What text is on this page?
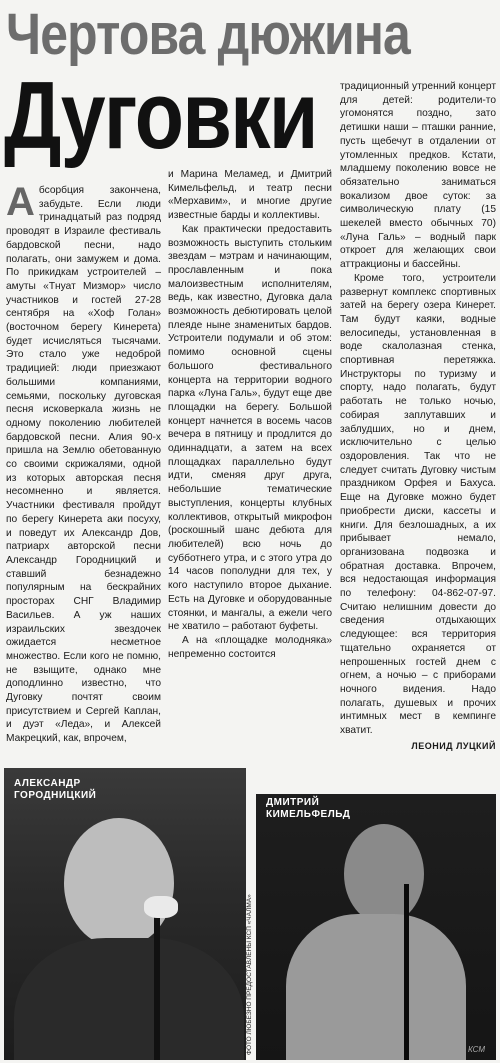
Чертова дюжина
Дуговки

Абсорбция закончена, забудьте. Если люди тринадцатый раз подряд проводят в Израиле фестиваль бардовской песни, надо полагать, они замужем и дома. По прикидкам устроителей – амуты «Тнуат Мизмор» число участников и гостей 27-28 сентября на «Хоф Голан» (восточном берегу Кинерета) будет исчисляться тысячами. Это стало уже недоброй традицией: люди приезжают большими компаниями, семьями, поскольку дуговская песня исковеркала жизнь не одному поколению любителей бардовской песни. Алия 90-х пришла на Землю обетованную со своими скрижалями, одной из которых авторская песня несомненно и является. Участники фестиваля пройдут по берегу Кинерета аки посуху, и поведут их Александр Дов, патриарх авторской песни Александр Городницкий и ставший безнадежно популярным на бескрайних просторах СНГ Владимир Васильев. А уж наших израильских звездочек ожидается несметное множество. Если кого не помню, не взыщите, однако мне доподлинно известно, что Дуговку почтят своим присутствием и Сергей Каплан, и дуэт «Леда», и Алексей Макрецкий, как, впрочем,

и Марина Меламед, и Дмитрий Кимельфельд, и театр песни «Мерхавим», и многие другие известные барды и коллективы.

Как практически предоставить возможность выступить стольким звездам – мэтрам и начинающим, прославленным и пока малоизвестным исполнителям, ведь, как известно, Дуговка дала возможность дебютировать целой плеяде ныне знаменитых бардов. Устроители подумали и об этом: помимо основной сцены большого фестивального концерта на территории водного парка «Луна Галь», будут еще две площадки на берегу. Большой концерт начнется в восемь часов вечера в пятницу и продлится до одиннадцати, а затем на всех площадках параллельно будут идти, сменяя друг друга, небольшие тематические выступления, концерты клубных коллективов, открытый микрофон (роскошный шанс дебюта для любителей) всю ночь до субботнего утра, и с этого утра до 14 часов пополудни для тех, у кого наступило второе дыхание. Есть на Дуговке и оборудованные стоянки, и мангалы, а ежели чего не хватило – работают буфеты.

А на «площадке молодняка» непременно состоится

традиционный утренний концерт для детей: родители-то угомонятся поздно, зато детишки наши – пташки ранние, пусть щебечут в отдалении от утомленных предков. Кстати, младшему поколению вовсе не обязательно заниматься вокализом двое суток: за символическую плату (15 шекелей вместо обычных 70) «Луна Галь» – водный парк откроет для желающих свои аттракционы и бассейны.

Кроме того, устроители развернут комплекс спортивных затей на берегу озера Кинерет. Там будут каяки, водные велосипеды, установленная в воде скалолазная стенка, спортивная перетяжка. Инструкторы по туризму и спорту, надо полагать, будут работать не только ночью, собирая заплутавших и заблудших, но и днем, исключительно с целью оздоровления. Так что не следует считать Дуговку чистым праздником Орфея и Бахуса. Еще на Дуговке можно будет приобрести диски, кассеты и книги. Для безлошадных, а их прибывает немало, организована подвозка и обратная доставка. Впрочем, вся недостающая информация по телефону: 04-862-07-97. Считаю нелишним довести до сведения отдыхающих следующее: вся территория тщательно охраняется от непрошенных гостей днем с огнем, а ночью – с приборами ночного видения. Надо полагать, душевых и прочих интимных мест в кемпинге хватит.

ЛЕОНИД ЛУЦКИЙ
АЛЕКСАНДР
ГОРОДНИЦКИЙ
ДМИТРИЙ
КИМЕЛЬФЕЛЬД
ФОТО ЛЮБЕЗНО ПРЕДОСТАВЛЕНЫ КСП «ЧАЛМА»	КСМ
